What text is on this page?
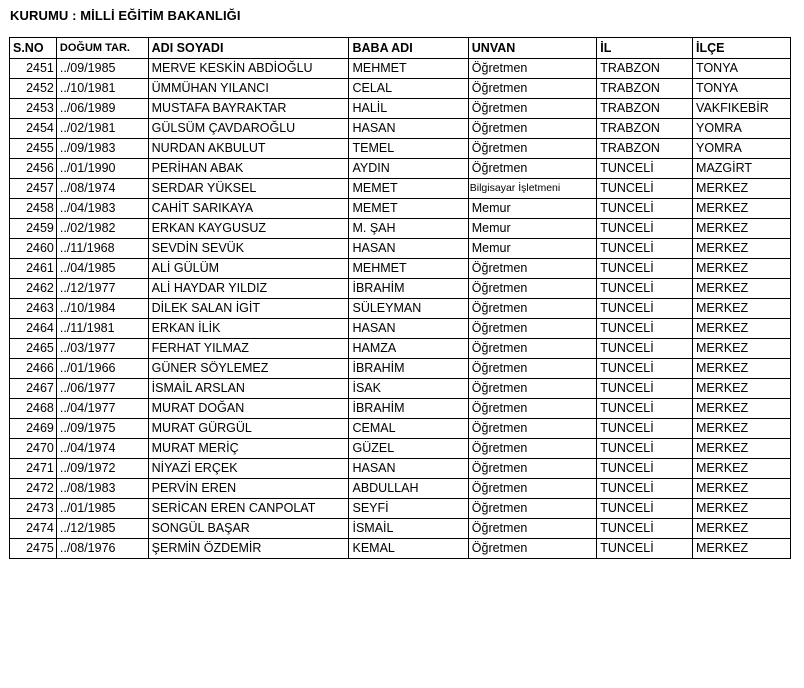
KURUMU : MİLLİ EĞİTİM BAKANLIĞI
S.NO	DOĞUM TAR.	ADI SOYADI	BABA ADI	UNVAN	İL	İLÇE
2451	../09/1985	MERVE KESKİN ABDİOĞLU	MEHMET	Öğretmen	TRABZON	TONYA
2452	../10/1981	ÜMMÜHAN YILANCI	CELAL	Öğretmen	TRABZON	TONYA
2453	../06/1989	MUSTAFA BAYRAKTAR	HALİL	Öğretmen	TRABZON	VAKFIKEBİR
2454	../02/1981	GÜLSÜM ÇAVDAROĞLU	HASAN	Öğretmen	TRABZON	YOMRA
2455	../09/1983	NURDAN AKBULUT	TEMEL	Öğretmen	TRABZON	YOMRA
2456	../01/1990	PERİHAN ABAK	AYDIN	Öğretmen	TUNCELİ	MAZGİRT
2457	../08/1974	SERDAR YÜKSEL	MEMET	Bilgisayar İşletmeni	TUNCELİ	MERKEZ
2458	../04/1983	CAHİT SARIKAYA	MEMET	Memur	TUNCELİ	MERKEZ
2459	../02/1982	ERKAN KAYGUSUZ	M. ŞAH	Memur	TUNCELİ	MERKEZ
2460	../11/1968	SEVDİN SEVÜK	HASAN	Memur	TUNCELİ	MERKEZ
2461	../04/1985	ALİ GÜLÜM	MEHMET	Öğretmen	TUNCELİ	MERKEZ
2462	../12/1977	ALİ HAYDAR YILDIZ	İBRAHİM	Öğretmen	TUNCELİ	MERKEZ
2463	../10/1984	DİLEK SALAN İGİT	SÜLEYMAN	Öğretmen	TUNCELİ	MERKEZ
2464	../11/1981	ERKAN İLİK	HASAN	Öğretmen	TUNCELİ	MERKEZ
2465	../03/1977	FERHAT YILMAZ	HAMZA	Öğretmen	TUNCELİ	MERKEZ
2466	../01/1966	GÜNER SÖYLEMEZ	İBRAHİM	Öğretmen	TUNCELİ	MERKEZ
2467	../06/1977	İSMAİL ARSLAN	İSAK	Öğretmen	TUNCELİ	MERKEZ
2468	../04/1977	MURAT DOĞAN	İBRAHİM	Öğretmen	TUNCELİ	MERKEZ
2469	../09/1975	MURAT GÜRGÜL	CEMAL	Öğretmen	TUNCELİ	MERKEZ
2470	../04/1974	MURAT MERİÇ	GÜZEL	Öğretmen	TUNCELİ	MERKEZ
2471	../09/1972	NİYAZİ ERÇEK	HASAN	Öğretmen	TUNCELİ	MERKEZ
2472	../08/1983	PERVİN EREN	ABDULLAH	Öğretmen	TUNCELİ	MERKEZ
2473	../01/1985	SERİCAN EREN CANPOLAT	SEYFİ	Öğretmen	TUNCELİ	MERKEZ
2474	../12/1985	SONGÜL BAŞAR	İSMAİL	Öğretmen	TUNCELİ	MERKEZ
2475	../08/1976	ŞERMİN ÖZDEMİR	KEMAL	Öğretmen	TUNCELİ	MERKEZ
